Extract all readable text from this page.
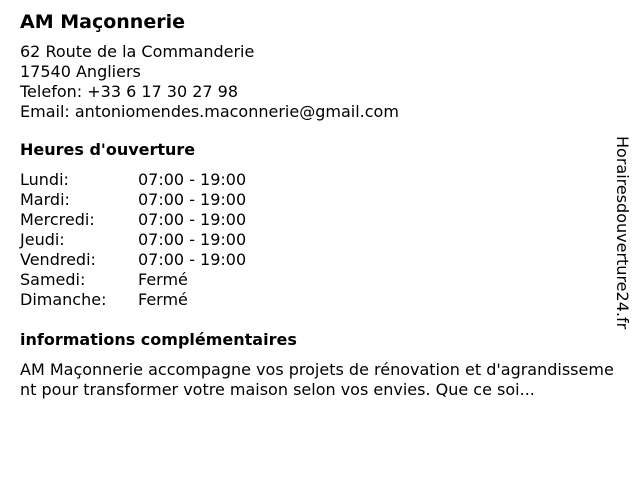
AM Maçonnerie
62 Route de la Commanderie
17540 Angliers
Telefon: +33 6 17 30 27 98
Email: antoniomendes.maconnerie@gmail.com
Heures d'ouverture
Lundi:	07:00 - 19:00
Mardi:	07:00 - 19:00
Mercredi:	07:00 - 19:00
Jeudi:	07:00 - 19:00
Vendredi:	07:00 - 19:00
Samedi:	Fermé
Dimanche:	Fermé
informations complémentaires
AM Maçonnerie accompagne vos projets de rénovation et d'agrandissement pour transformer votre maison selon vos envies. Que ce soi...
Horairesdouverture24.fr
